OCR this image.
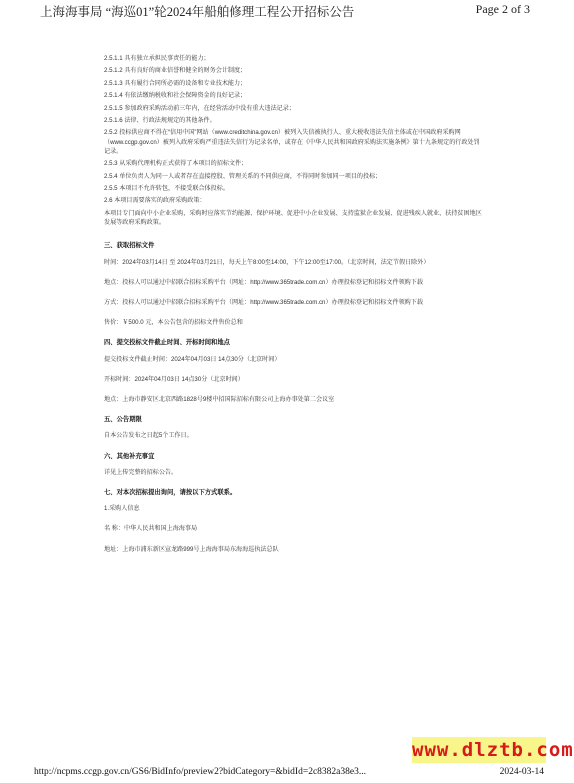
上海海事局 “海巡01”轮2024年船舶修理工程公开招标公告	Page 2 of 3

2.5.1.1 具有独立承担民事责任的能力；

2.5.1.2 具有良好的商业信誉和健全的财务会计制度；

2.5.1.3 具有履行合同所必需的设备和专业技术能力；

2.5.1.4 有依法缴纳税收和社会保障资金的良好记录；

2.5.1.5 参加政府采购活动前三年内，在经营活动中没有重大违法记录；

2.5.1.6 法律、行政法规规定的其他条件。

2.5.2 投标供应商不得在“信用中国”网站（www.creditchina.gov.cn）被列入失信被执行人、重大税收违法失信主体或在中国政府采购网（www.ccgp.gov.cn）被列入政府采购严重违法失信行为记录名单，或存在《中华人民共和国政府采购法实施条例》第十九条规定的行政处罚记录。

2.5.3 从采购代理机构正式获得了本项目的招标文件；

2.5.4 单位负责人为同一人或者存在直接控股、管理关系的不同供应商，不得同时参加同一项目的投标；

2.5.5 本项目不允许转包，不接受联合体投标。

2.6 本项目需要落实的政府采购政策：

本项目专门面向中小企业采购，采购时应落实节约能源、保护环境、促进中小企业发展、支持监狱企业发展、促进残疾人就业、扶持贫困地区发展等政府采购政策。

三、获取招标文件

时间：2024年03月14日 至 2024年03月21日，每天上午8:00至14:00，下午12:00至17:00。（北京时间，法定节假日除外）

地点：投标人可以通过中招联合招标采购平台（网址：http://www.365trade.com.cn）办理投标登记和招标文件领购下载

方式：投标人可以通过中招联合招标采购平台（网址：http://www.365trade.com.cn）办理投标登记和招标文件领购下载

售价：￥500.0 元，本公告包含的招标文件售价总和

四、提交投标文件截止时间、开标时间和地点

提交投标文件截止时间：2024年04月03日 14点30分（北京时间）

开标时间：2024年04月03日 14点30分（北京时间）

地点：上海市静安区北京西路1828号9楼中招国际招标有限公司上海办事处第二会议室

五、公告期限

自本公告发布之日起5个工作日。

六、其他补充事宜

详见上传完整的招标公告。

七、对本次招标提出询问，请按以下方式联系。

1.采购人信息

名 称：中华人民共和国上海海事局

地址：上海市浦东新区宣龙路999号上海海事局东海海巡执法总队

www.dlztb.com
http://ncpms.ccgp.gov.cn/GS6/BidInfo/preview2?bidCategory=&bidId=2c8382a38e3...	2024-03-14
